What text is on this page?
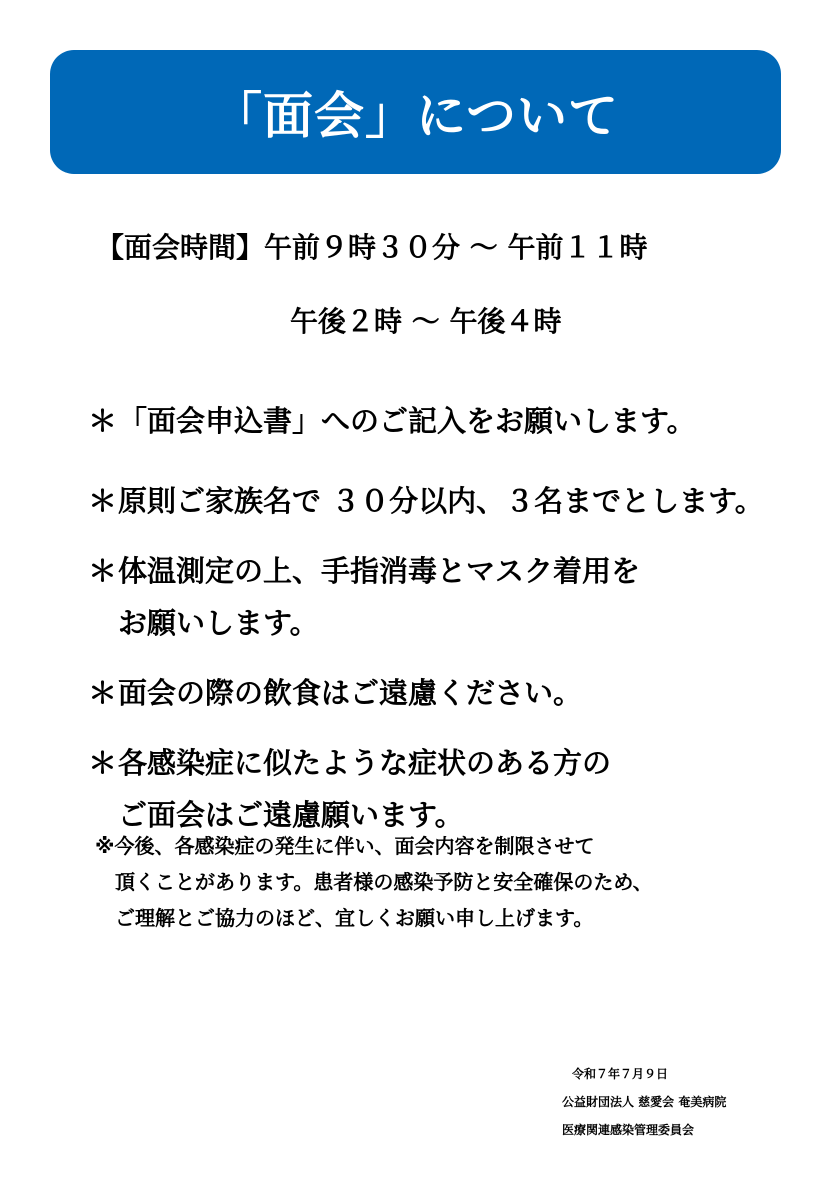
「面会」について
【面会時間】午前９時３０分 ～ 午前１１時
午後２時 ～ 午後４時
＊ 「面会申込書」へのご記入をお願いします。
＊ 原則ご家族名で ３０分以内、３名までとします。
＊ 体温測定の上、手指消毒とマスク着用を
お願いします。
＊ 面会の際の飲食はご遠慮ください。
＊ 各感染症に似たような症状のある方の
ご面会はご遠慮願います。
※今後、各感染症の発生に伴い、面会内容を制限させて
　頂くことがあります。患者様の感染予防と安全確保のため、
　ご理解とご協力のほど、宜しくお願い申し上げます。
令和７年７月９日
公益財団法人 慈愛会 奄美病院
医療関連感染管理委員会
